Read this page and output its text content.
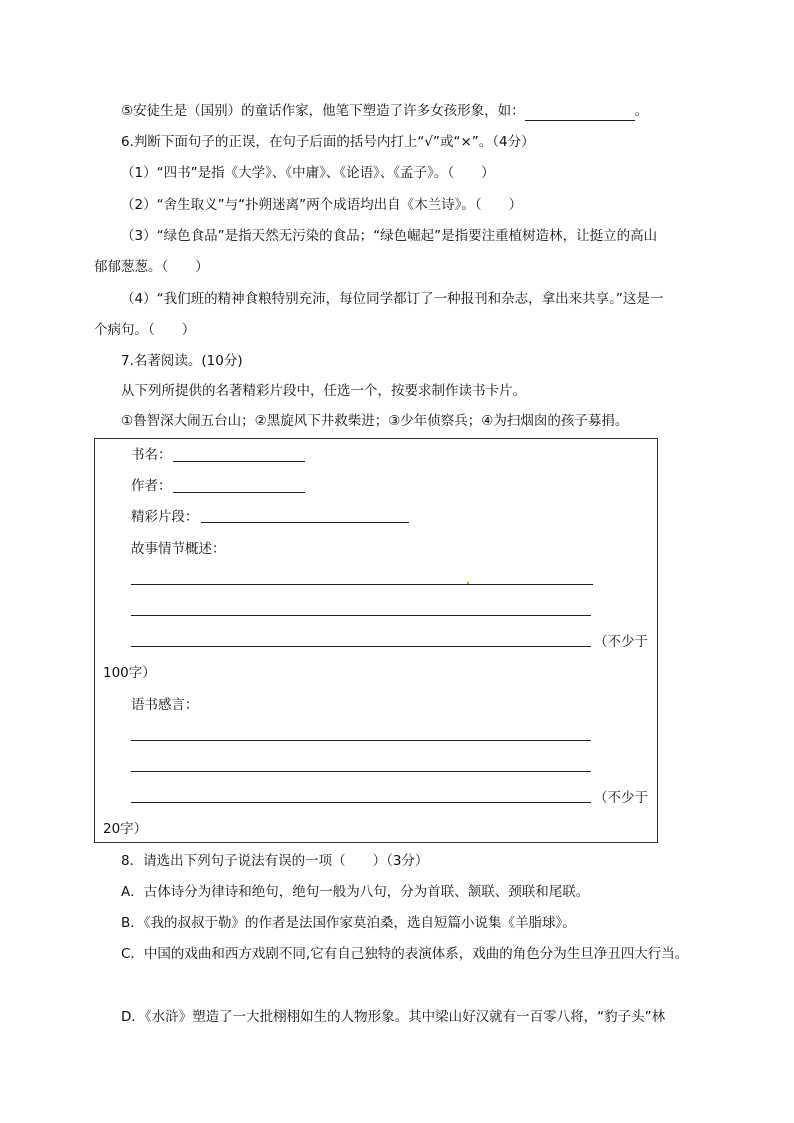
⑤安徒生是（国别）的童话作家，他笔下塑造了许多女孩形象，如：	。
6.判断下面句子的正误，在句子后面的括号内打上“√”或“×”。（4分）
（1）“四书”是指《大学》、《中庸》、《论语》、《孟子》。（　　）
（2）“舍生取义”与“扑朔迷离”两个成语均出自《木兰诗》。（　　）
（3）“绿色食品”是指天然无污染的食品；“绿色崛起”是指要注重植树造林，让挺立的高山
郁郁葱葱。（　　）
（4）“我们班的精神食粮特别充沛，每位同学都订了一种报刊和杂志，拿出来共享。”这是一
个病句。（　　）
7.名著阅读。(10分)
从下列所提供的名著精彩片段中，任选一个，按要求制作读书卡片。
①鲁智深大闹五台山；②黑旋风下井救柴进；③少年侦察兵；④为扫烟囱的孩子募捐。
书名：
作者：
精彩片段：
故事情节概述：
（不少于
100字）
语书感言：
（不少于
20字）
8．请选出下列句子说法有误的一项（　　）（3分）
A．古体诗分为律诗和绝句，绝句一般为八句，分为首联、颔联、颈联和尾联。
B．《我的叔叔于勒》的作者是法国作家莫泊桑，选自短篇小说集《羊脂球》。
C．中国的戏曲和西方戏剧不同,它有自己独特的表演体系，戏曲的角色分为生旦净丑四大行当。
D．《水浒》塑造了一大批栩栩如生的人物形象。其中梁山好汉就有一百零八将，“豹子头”林
